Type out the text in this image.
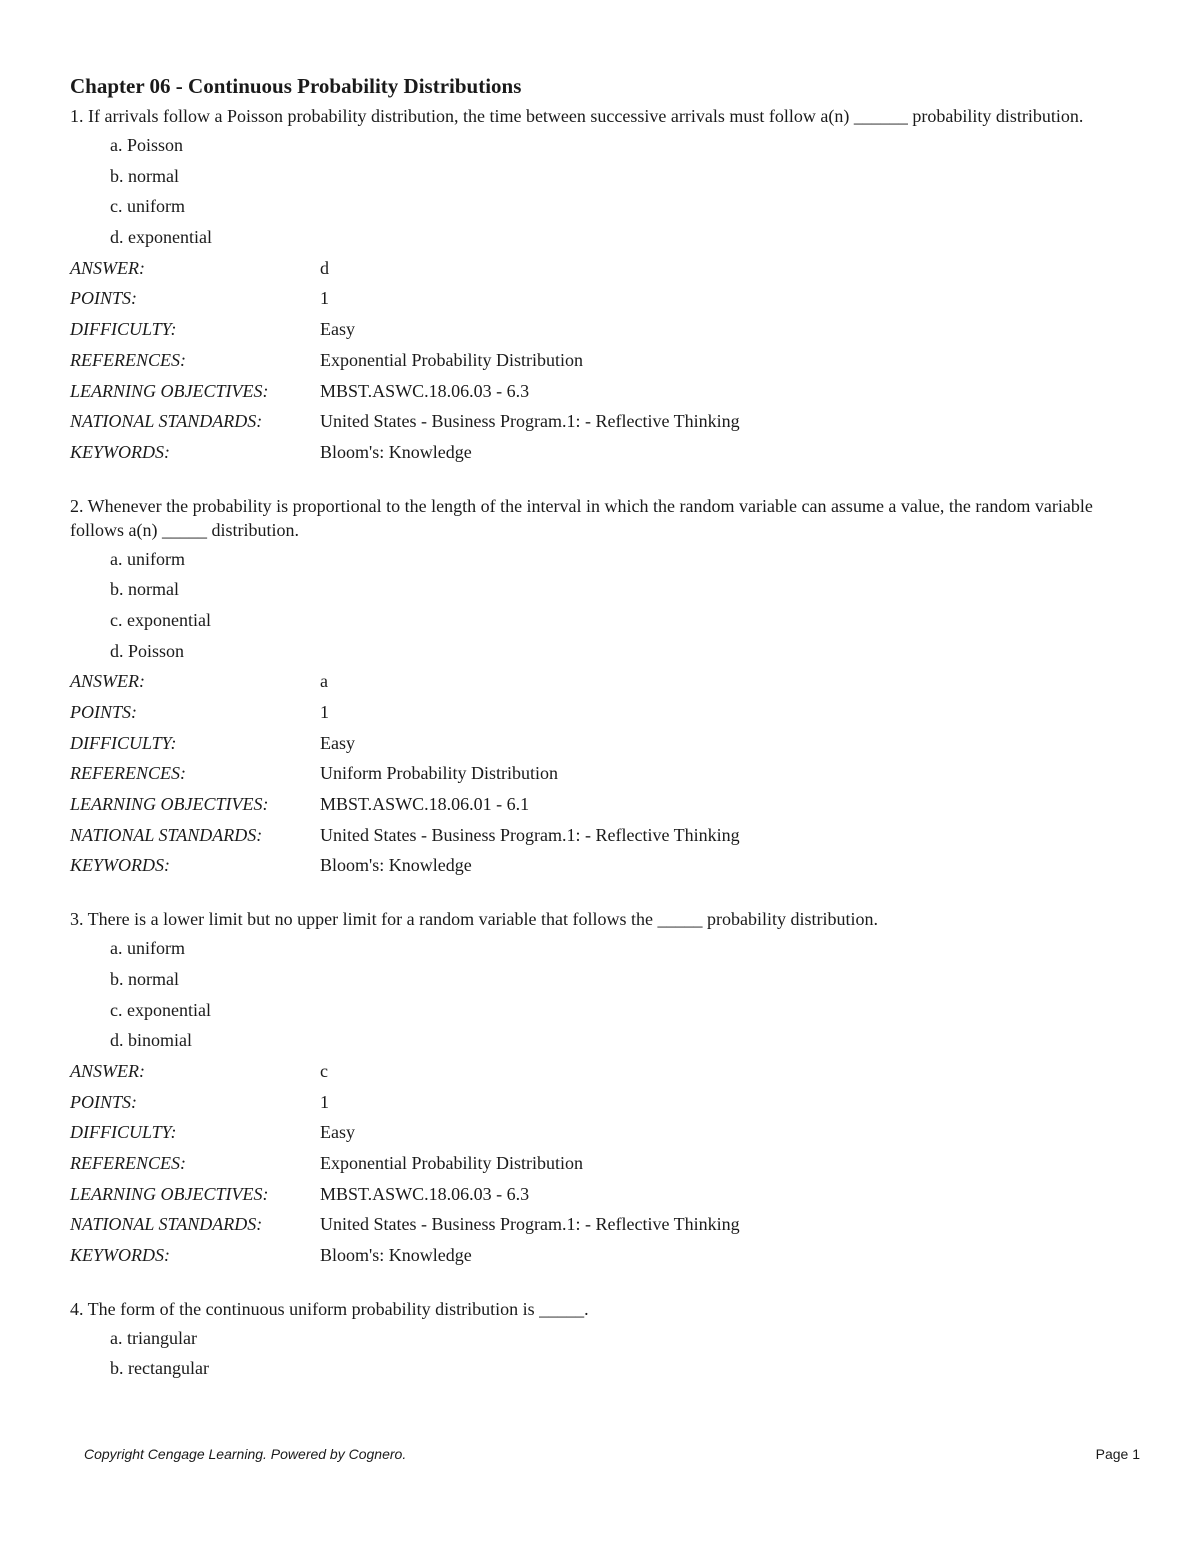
Chapter 06 - Continuous Probability Distributions

1. If arrivals follow a Poisson probability distribution, the time between successive arrivals must follow a(n) ______ probability distribution.

a. Poisson
b. normal
c. uniform
d. exponential
ANSWER:	d
POINTS:	1
DIFFICULTY:	Easy
REFERENCES:	Exponential Probability Distribution
LEARNING OBJECTIVES:	MBST.ASWC.18.06.03 - 6.3
NATIONAL STANDARDS:	United States - Business Program.1: - Reflective Thinking
KEYWORDS:	Bloom's: Knowledge

2. Whenever the probability is proportional to the length of the interval in which the random variable can assume a value, the random variable follows a(n) _____ distribution.

a. uniform
b. normal
c. exponential
d. Poisson
ANSWER:	a
POINTS:	1
DIFFICULTY:	Easy
REFERENCES:	Uniform Probability Distribution
LEARNING OBJECTIVES:	MBST.ASWC.18.06.01 - 6.1
NATIONAL STANDARDS:	United States - Business Program.1: - Reflective Thinking
KEYWORDS:	Bloom's: Knowledge

3. There is a lower limit but no upper limit for a random variable that follows the _____ probability distribution.

a. uniform
b. normal
c. exponential
d. binomial
ANSWER:	c
POINTS:	1
DIFFICULTY:	Easy
REFERENCES:	Exponential Probability Distribution
LEARNING OBJECTIVES:	MBST.ASWC.18.06.03 - 6.3
NATIONAL STANDARDS:	United States - Business Program.1: - Reflective Thinking
KEYWORDS:	Bloom's: Knowledge

4. The form of the continuous uniform probability distribution is _____.

a. triangular
b. rectangular
Copyright Cengage Learning. Powered by Cognero.	Page 1
